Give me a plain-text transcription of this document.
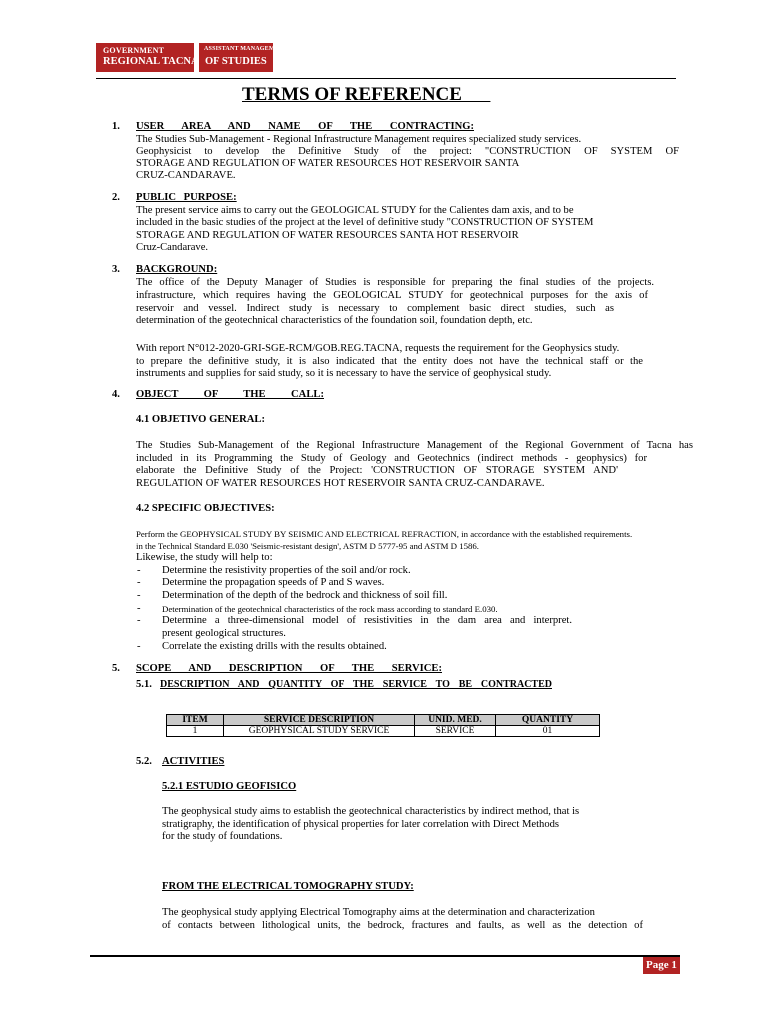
GOVERNMENT
REGIONAL TACNA
ASSISTANT MANAGEMENT
OF STUDIES
TERMS OF REFERENCE
1. USER AREA AND NAME OF THE CONTRACTING:
The Studies Sub-Management - Regional Infrastructure Management requires specialized study services.
Geophysicist to develop the Definitive Study of the project: "CONSTRUCTION OF SYSTEM OF
STORAGE AND REGULATION OF WATER RESOURCES HOT RESERVOIR SANTA
CRUZ-CANDARAVE.
2. PUBLIC PURPOSE:
The present service aims to carry out the GEOLOGICAL STUDY for the Calientes dam axis, and to be
included in the basic studies of the project at the level of definitive study "CONSTRUCTION OF SYSTEM
STORAGE AND REGULATION OF WATER RESOURCES SANTA HOT RESERVOIR
Cruz-Candarave.
3. BACKGROUND:
The office of the Deputy Manager of Studies is responsible for preparing the final studies of the projects.
infrastructure, which requires having the GEOLOGICAL STUDY for geotechnical purposes for the axis of
reservoir and vessel. Indirect study is necessary to complement basic direct studies, such as
determination of the geotechnical characteristics of the foundation soil, foundation depth, etc.
With report N°012-2020-GRI-SGE-RCM/GOB.REG.TACNA, requests the requirement for the Geophysics study.
to prepare the definitive study, it is also indicated that the entity does not have the technical staff or the
instruments and supplies for said study, so it is necessary to have the service of geophysical study.
4. OBJECT OF THE CALL:
4.1 OBJETIVO GENERAL:
The Studies Sub-Management of the Regional Infrastructure Management of the Regional Government of Tacna has
included in its Programming the Study of Geology and Geotechnics (indirect methods - geophysics) for
elaborate the Definitive Study of the Project: 'CONSTRUCTION OF STORAGE SYSTEM AND'
REGULATION OF WATER RESOURCES HOT RESERVOIR SANTA CRUZ-CANDARAVE.
4.2 SPECIFIC OBJECTIVES:
Perform the GEOPHYSICAL STUDY BY SEISMIC AND ELECTRICAL REFRACTION, in accordance with the established requirements.
in the Technical Standard E.030 'Seismic-resistant design', ASTM D 5777-95 and ASTM D 1586.
Likewise, the study will help to:
- Determine the resistivity properties of the soil and/or rock.
- Determine the propagation speeds of P and S waves.
- Determination of the depth of the bedrock and thickness of soil fill.
- Determination of the geotechnical characteristics of the rock mass according to standard E.030.
- Determine a three-dimensional model of resistivities in the dam area and interpret.
present geological structures.
- Correlate the existing drills with the results obtained.
5. SCOPE AND DESCRIPTION OF THE SERVICE:
5.1. DESCRIPTION AND QUANTITY OF THE SERVICE TO BE CONTRACTED
ITEM	SERVICE DESCRIPTION	UNID. MED.	QUANTITY
1	GEOPHYSICAL STUDY SERVICE	SERVICE	01
5.2. ACTIVITIES
5.2.1 ESTUDIO GEOFISICO
The geophysical study aims to establish the geotechnical characteristics by indirect method, that is
stratigraphy, the identification of physical properties for later correlation with Direct Methods
for the study of foundations.
FROM THE ELECTRICAL TOMOGRAPHY STUDY:
The geophysical study applying Electrical Tomography aims at the determination and characterization
of contacts between lithological units, the bedrock, fractures and faults, as well as the detection of
Page 1
